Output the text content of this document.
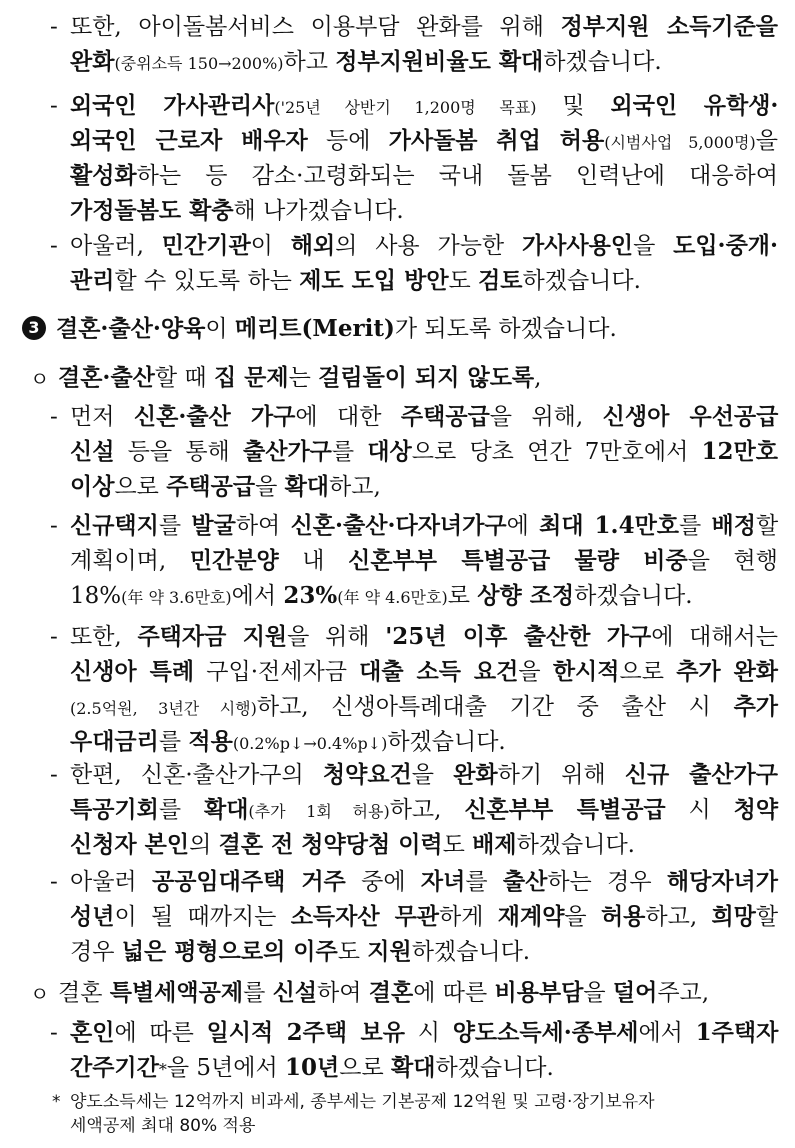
- 또한, 아이돌봄서비스 이용부담 완화를 위해 정부지원 소득기준을
완화(중위소득 150→200%)하고 정부지원비율도 확대하겠습니다.
- 외국인 가사관리사('25년 상반기 1,200명 목표) 및 외국인 유학생·
외국인 근로자 배우자 등에 가사돌봄 취업 허용(시범사업 5,000명)을
활성화하는 등 감소·고령화되는 국내 돌봄 인력난에 대응하여
가정돌봄도 확충해 나가겠습니다.
- 아울러, 민간기관이 해외의 사용 가능한 가사사용인을 도입·중개·
관리할 수 있도록 하는 제도 도입 방안도 검토하겠습니다.
3 결혼·출산·양육이 메리트(Merit)가 되도록 하겠습니다.
ㅇ 결혼·출산할 때 집 문제는 걸림돌이 되지 않도록,
- 먼저 신혼·출산 가구에 대한 주택공급을 위해, 신생아 우선공급
신설 등을 통해 출산가구를 대상으로 당초 연간 7만호에서 12만호
이상으로 주택공급을 확대하고,
- 신규택지를 발굴하여 신혼·출산·다자녀가구에 최대 1.4만호를 배정할
계획이며, 민간분양 내 신혼부부 특별공급 물량 비중을 현행
18%(年 약 3.6만호)에서 23%(年 약 4.6만호)로 상향 조정하겠습니다.
- 또한, 주택자금 지원을 위해 '25년 이후 출산한 가구에 대해서는
신생아 특례 구입·전세자금 대출 소득 요건을 한시적으로 추가 완화
(2.5억원, 3년간 시행)하고, 신생아특례대출 기간 중 출산 시 추가
우대금리를 적용(0.2%p↓→0.4%p↓)하겠습니다.
- 한편, 신혼·출산가구의 청약요건을 완화하기 위해 신규 출산가구
특공기회를 확대(추가 1회 허용)하고, 신혼부부 특별공급 시 청약
신청자 본인의 결혼 전 청약당첨 이력도 배제하겠습니다.
- 아울러 공공임대주택 거주 중에 자녀를 출산하는 경우 해당자녀가
성년이 될 때까지는 소득자산 무관하게 재계약을 허용하고, 희망할
경우 넓은 평형으로의 이주도 지원하겠습니다.
ㅇ 결혼 특별세액공제를 신설하여 결혼에 따른 비용부담을 덜어주고,
- 혼인에 따른 일시적 2주택 보유 시 양도소득세·종부세에서 1주택자
간주기간*을 5년에서 10년으로 확대하겠습니다.
* 양도소득세는 12억까지 비과세, 종부세는 기본공제 12억원 및 고령·장기보유자
세액공제 최대 80% 적용
